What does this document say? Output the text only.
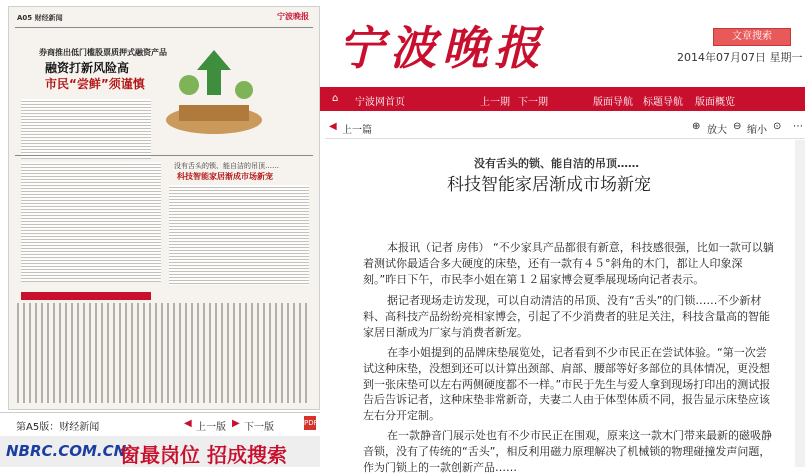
A05 财经新闻	宁波晚报
券商推出低门槛股票质押式融资产品
融资打新风险高
市民“尝鲜”须谨慎
没有舌头的锁、能自洁的吊顶……
科技智能家居渐成市场新宠
第A5版：财经新闻	◀ 上一版 ▶ 下一版	PDF
NBRC.COM.CN
窗最岗位 招成搜索
宁波晚报	文章搜索
2014年07月07日 星期一
⌂ 宁波网首页	上一期 下一期	版面导航 标题导航 版面概览
◀ 上一篇	⊕ 放大 ⊖ 缩小 ⊙ ⋯
没有舌头的锁、能自洁的吊顶……
科技智能家居渐成市场新宠

本报讯（记者 房伟） “不少家具产品都很有新意，科技感很强，比如一款可以躺着测试你最适合多大硬度的床垫，还有一款有４５°斜角的木门，都让人印象深刻。”昨日下午，市民李小姐在第１２届家博会夏季展现场向记者表示。

据记者现场走访发现，可以自动清洁的吊顶、没有“舌头”的门锁……不少新材料、高科技产品纷纷亮相家博会，引起了不少消费者的驻足关注，科技含量高的智能家居日渐成为厂家与消费者新宠。

在李小姐提到的品牌床垫展览处，记者看到不少市民正在尝试体验。“第一次尝试这种床垫，没想到还可以计算出颈部、肩部、腰部等好多部位的具体情况，更没想到一张床垫可以左右两侧硬度都不一样。”市民于先生与爱人拿到现场打印出的测试报告后告诉记者，这种床垫非常新奇，夫妻二人由于体型体质不同，报告显示床垫应该左右分开定制。

在一款静音门展示处也有不少市民正在围观，原来这一款木门带来最新的磁吸静音锁，没有了传统的“舌头”，相反利用磁力原理解决了机械锁的物理碰撞发声问题，作为门锁上的一款创新产品……
